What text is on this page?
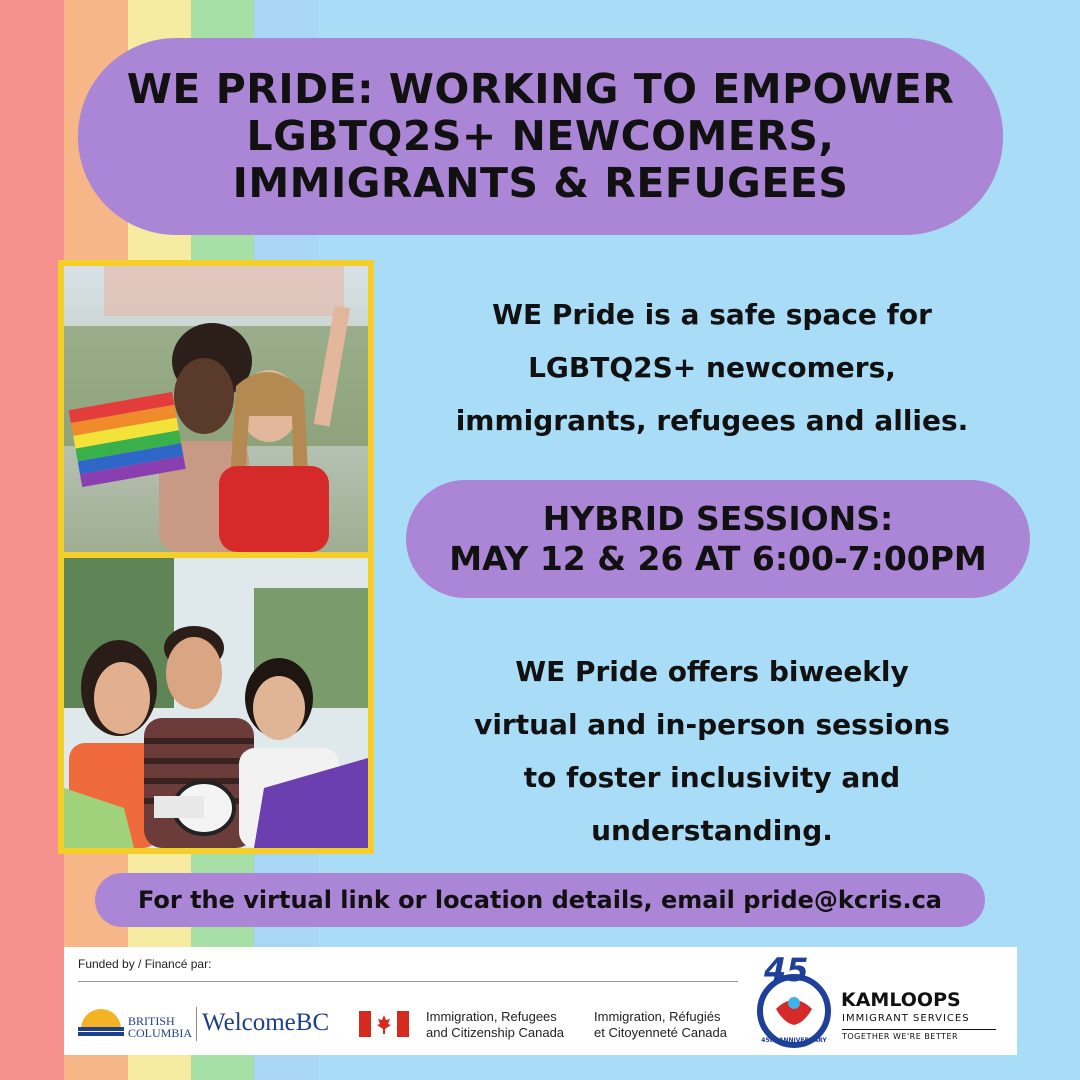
WE PRIDE: WORKING TO EMPOWER
LGBTQ2S+ NEWCOMERS,
IMMIGRANTS & REFUGEES
WE Pride is a safe space for
LGBTQ2S+ newcomers,
immigrants, refugees and allies.
HYBRID SESSIONS:
MAY 12 & 26 AT 6:00-7:00PM
WE Pride offers biweekly
virtual and in-person sessions
to foster inclusivity and
understanding.
For the virtual link or location details, email pride@kcris.ca
Funded by / Financé par:
BRITISH
COLUMBIA WelcomeBC	Immigration, Refugees
and Citizenship Canada
Immigration, Réfugiés
et Citoyenneté Canada
45
45th ANNIVERSARY
KAMLOOPS
IMMIGRANT SERVICES
TOGETHER WE'RE BETTER
